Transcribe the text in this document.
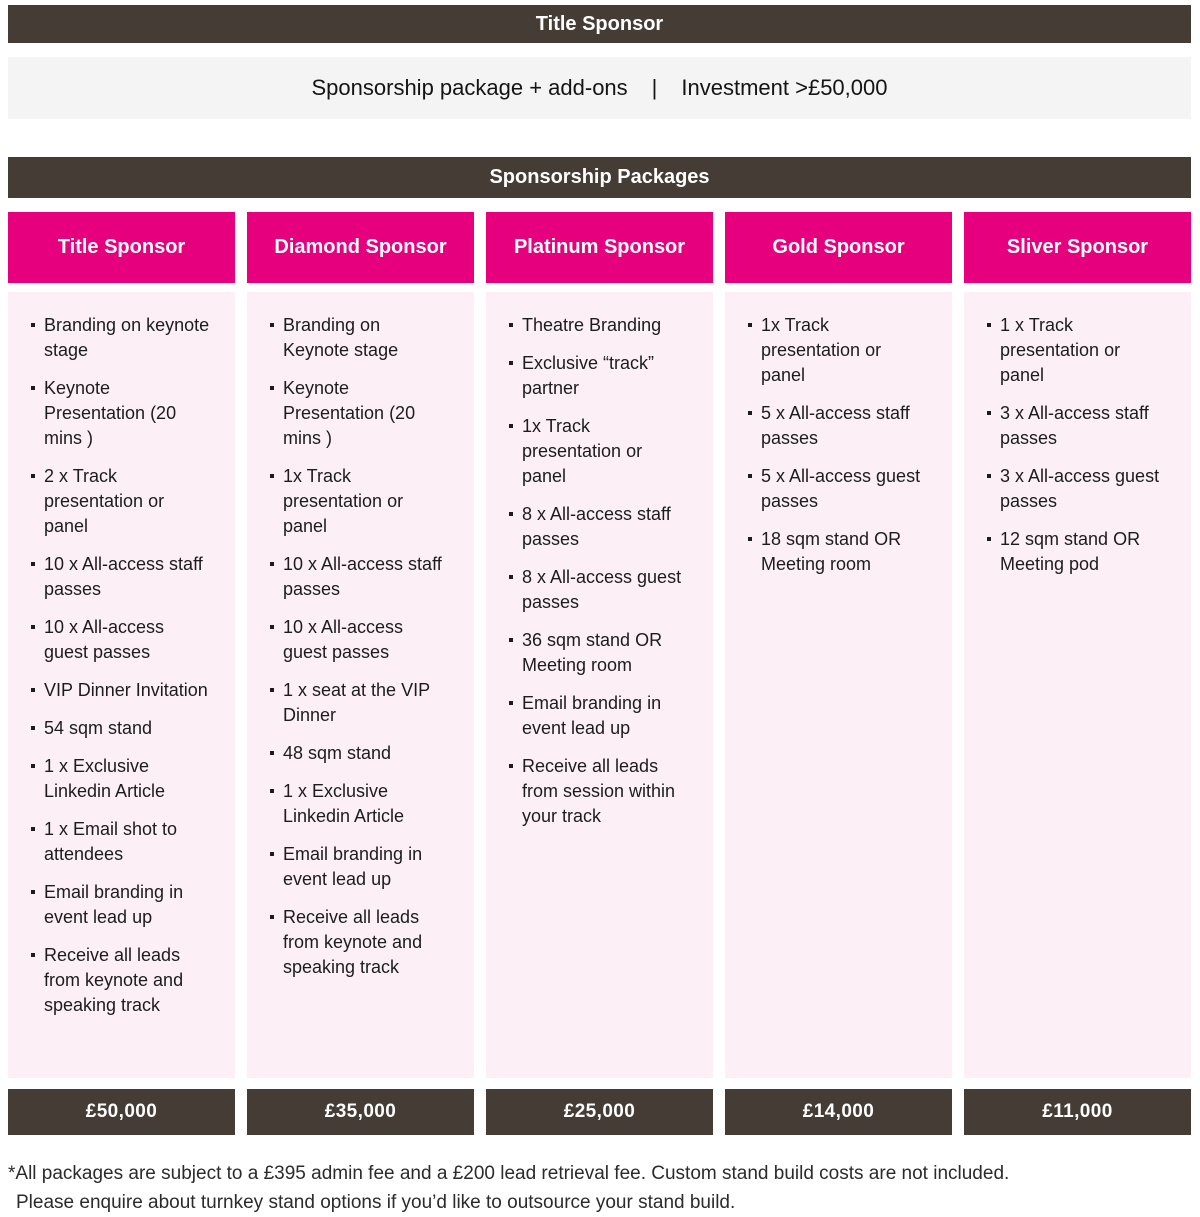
Title Sponsor
Sponsorship package + add-ons | Investment >£50,000
Sponsorship Packages
Title Sponsor
Branding on keynote stage
Keynote Presentation (20 mins )
2 x Track presentation or panel
10 x All-access staff passes
10 x All-access guest passes
VIP Dinner Invitation
54 sqm stand
1 x Exclusive Linkedin Article
1 x Email shot to attendees
Email branding in event lead up
Receive all leads from keynote and speaking track
£50,000
Diamond Sponsor
Branding on Keynote stage
Keynote Presentation (20 mins )
1x Track presentation or panel
10 x All-access staff passes
10 x All-access guest passes
1 x seat at the VIP Dinner
48 sqm stand
1 x Exclusive Linkedin Article
Email branding in event lead up
Receive all leads from keynote and speaking track
£35,000
Platinum Sponsor
Theatre Branding
Exclusive “track” partner
1x Track presentation or panel
8 x All-access staff passes
8 x All-access guest passes
36 sqm stand OR Meeting room
Email branding in event lead up
Receive all leads from session within your track
£25,000
Gold Sponsor
1x Track presentation or panel
5 x All-access staff passes
5 x All-access guest passes
18 sqm stand OR Meeting room
£14,000
Sliver Sponsor
1 x Track presentation or panel
3 x All-access staff passes
3 x All-access guest passes
12 sqm stand OR Meeting pod
£11,000
*All packages are subject to a £395 admin fee and a £200 lead retrieval fee. Custom stand build costs are not included.
Please enquire about turnkey stand options if you’d like to outsource your stand build.
